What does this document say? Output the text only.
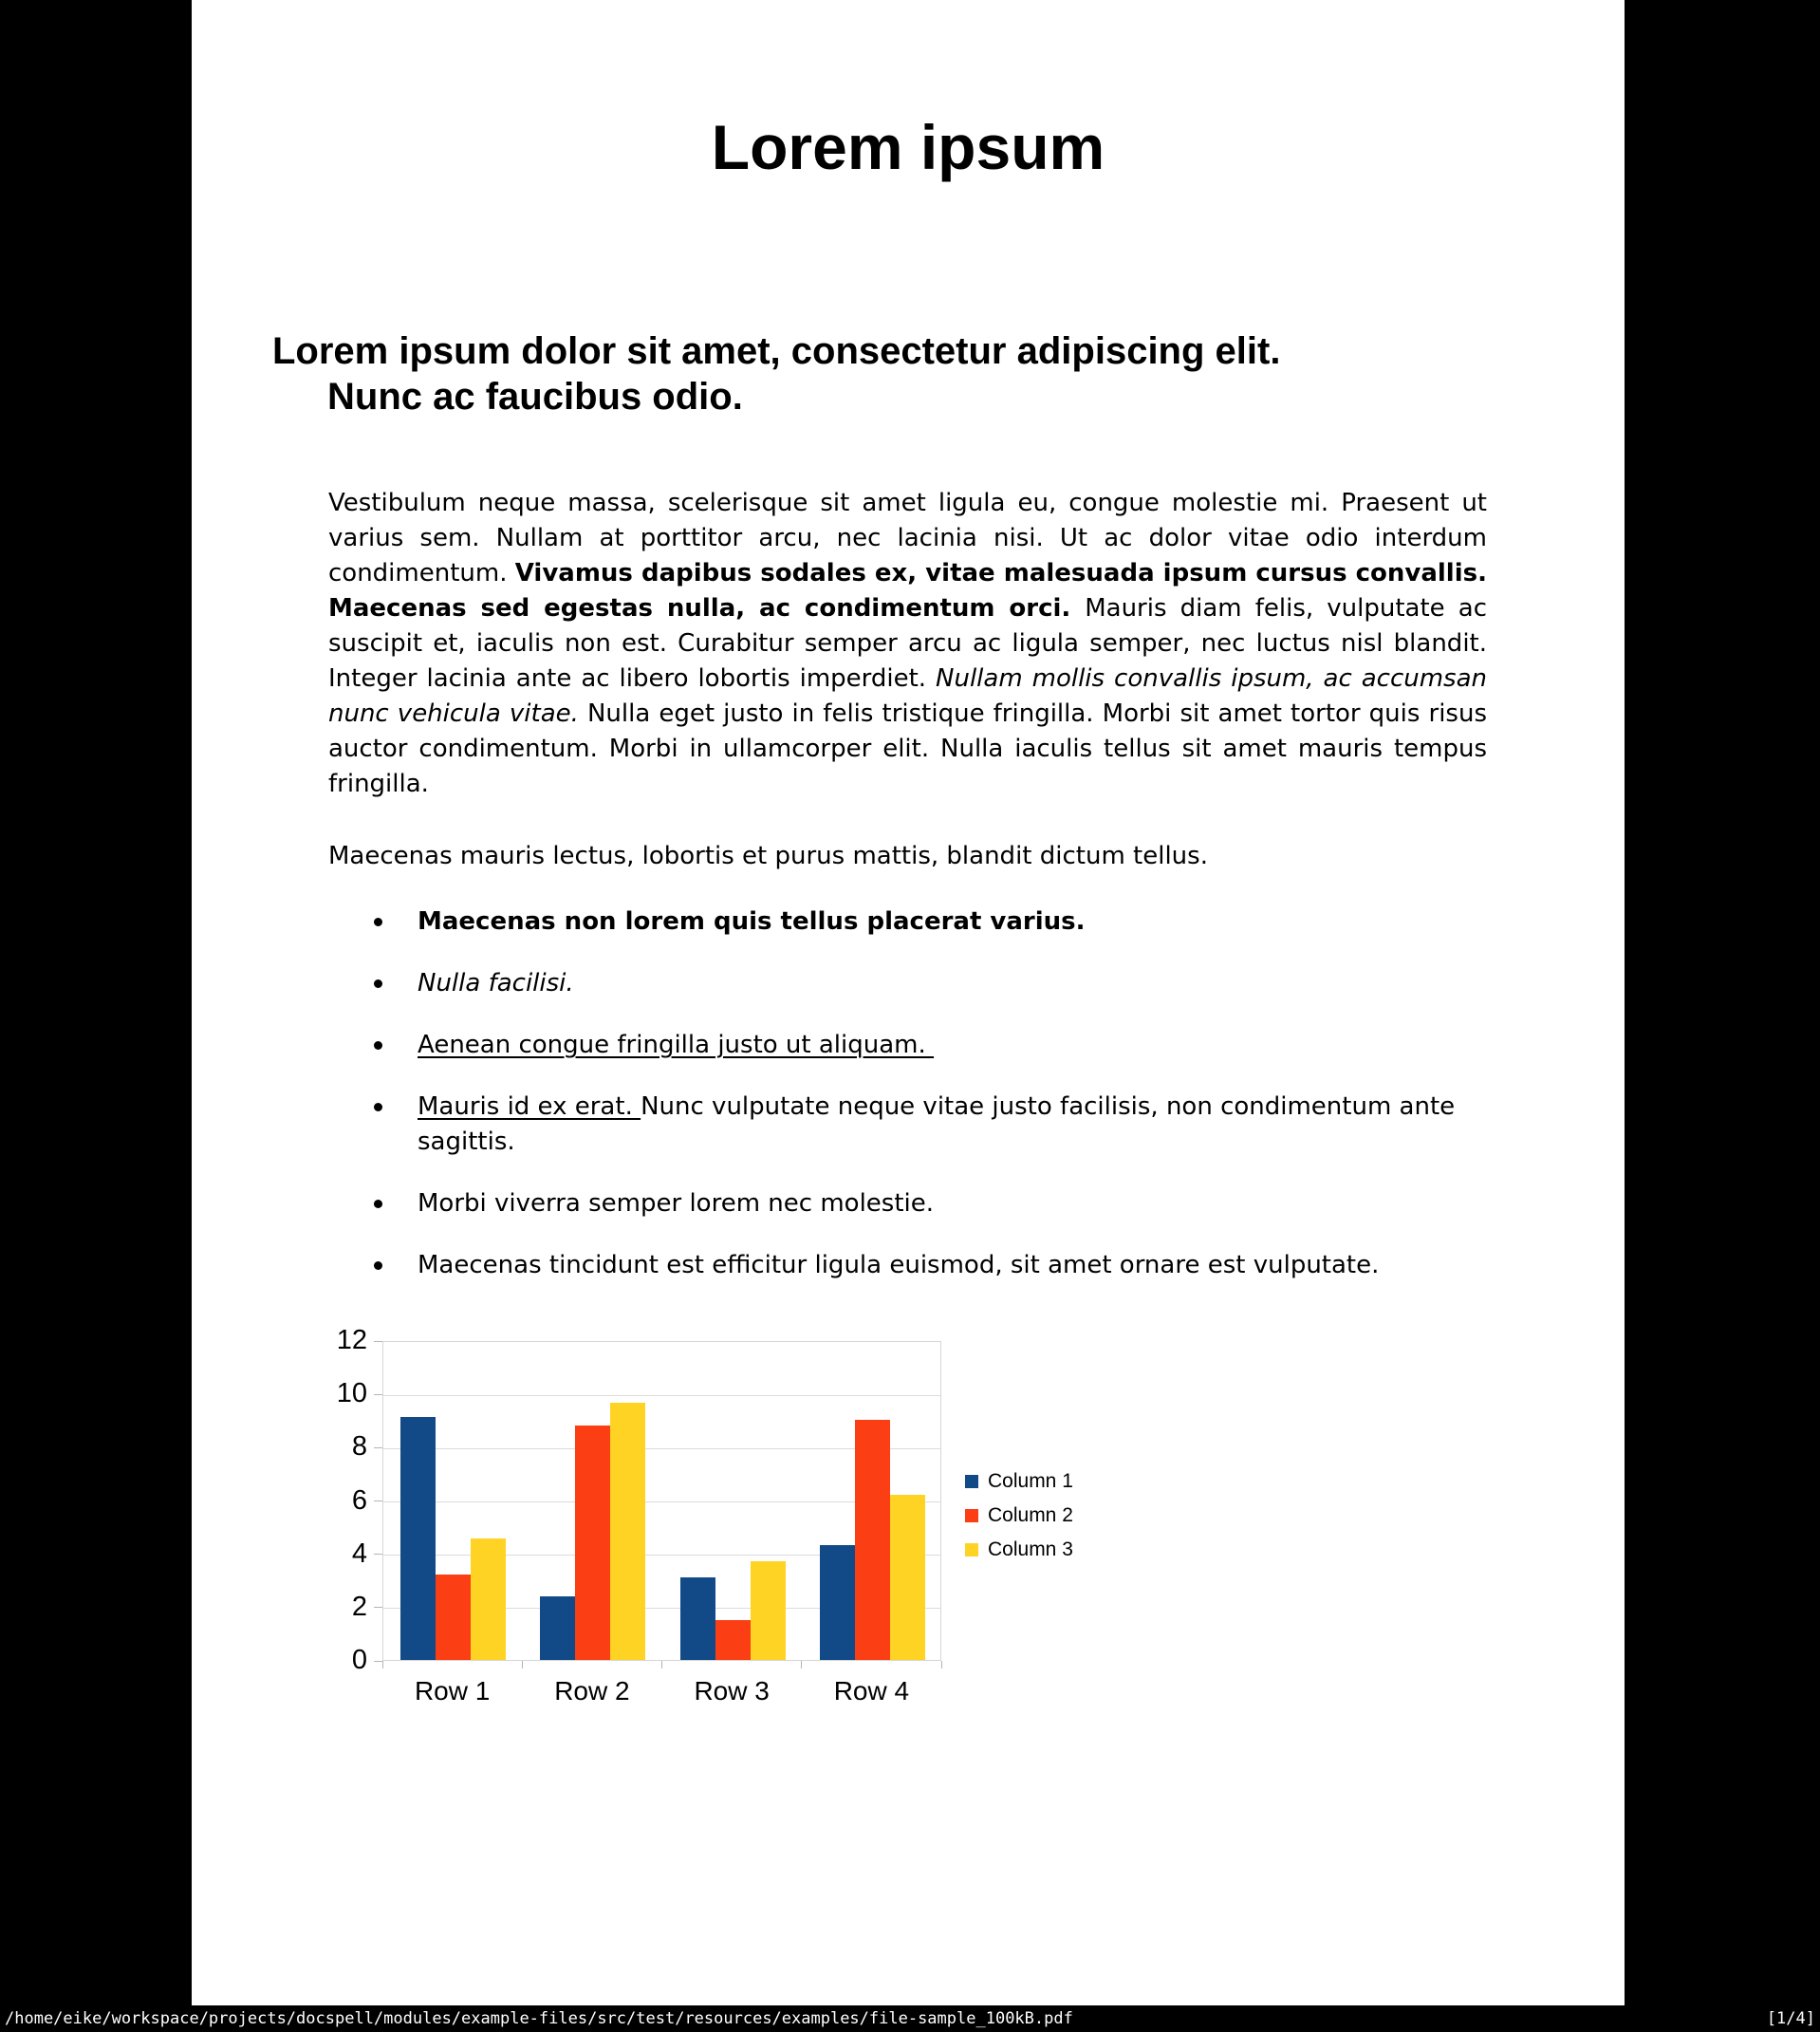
Lorem ipsum
Lorem ipsum dolor sit amet, consectetur adipiscing elit.
Nunc ac faucibus odio.
Vestibulum neque massa, scelerisque sit amet ligula eu, congue molestie mi. Praesent ut varius sem. Nullam at porttitor arcu, nec lacinia nisi. Ut ac dolor vitae odio interdum condimentum. Vivamus dapibus sodales ex, vitae malesuada ipsum cursus convallis. Maecenas sed egestas nulla, ac condimentum orci. Mauris diam felis, vulputate ac suscipit et, iaculis non est. Curabitur semper arcu ac ligula semper, nec luctus nisl blandit. Integer lacinia ante ac libero lobortis imperdiet. Nullam mollis convallis ipsum, ac accumsan nunc vehicula vitae. Nulla eget justo in felis tristique fringilla. Morbi sit amet tortor quis risus auctor condimentum. Morbi in ullamcorper elit. Nulla iaculis tellus sit amet mauris tempus fringilla.
Maecenas mauris lectus, lobortis et purus mattis, blandit dictum tellus.
Maecenas non lorem quis tellus placerat varius.
Nulla facilisi.
Aenean congue fringilla justo ut aliquam.
Mauris id ex erat. Nunc vulputate neque vitae justo facilisis, non condimentum ante sagittis.
Morbi viverra semper lorem nec molestie.
Maecenas tincidunt est efficitur ligula euismod, sit amet ornare est vulputate.
Column 1
Column 2
Column 3
0
2
4
6
8
10
12
Row 1	Row 2	Row 3	Row 4
/home/eike/workspace/projects/docspell/modules/example-files/src/test/resources/examples/file-sample_100kB.pdf	[1/4]
